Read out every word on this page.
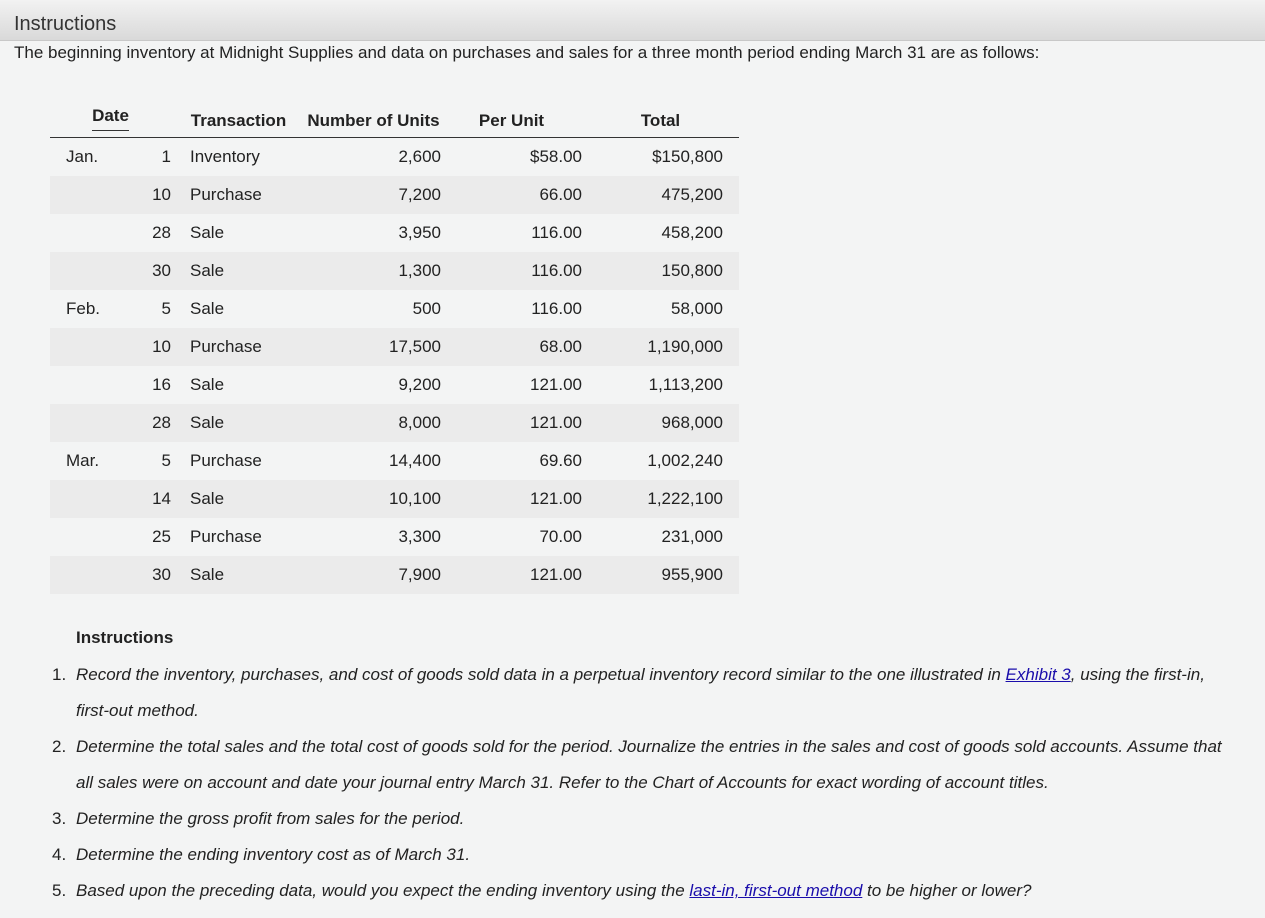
Instructions
The beginning inventory at Midnight Supplies and data on purchases and sales for a three month period ending March 31 are as follows:
Date		Transaction	Number of Units	Per Unit	Total
Jan.	1	Inventory	2,600	$58.00	$150,800
	10	Purchase	7,200	66.00	475,200
	28	Sale	3,950	116.00	458,200
	30	Sale	1,300	116.00	150,800
Feb.	5	Sale	500	116.00	58,000
	10	Purchase	17,500	68.00	1,190,000
	16	Sale	9,200	121.00	1,113,200
	28	Sale	8,000	121.00	968,000
Mar.	5	Purchase	14,400	69.60	1,002,240
	14	Sale	10,100	121.00	1,222,100
	25	Purchase	3,300	70.00	231,000
	30	Sale	7,900	121.00	955,900
Instructions
1. Record the inventory, purchases, and cost of goods sold data in a perpetual inventory record similar to the one illustrated in Exhibit 3, using the first-in, first-out method.
2. Determine the total sales and the total cost of goods sold for the period. Journalize the entries in the sales and cost of goods sold accounts. Assume that all sales were on account and date your journal entry March 31. Refer to the Chart of Accounts for exact wording of account titles.
3. Determine the gross profit from sales for the period.
4. Determine the ending inventory cost as of March 31.
5. Based upon the preceding data, would you expect the ending inventory using the last-in, first-out method to be higher or lower?
